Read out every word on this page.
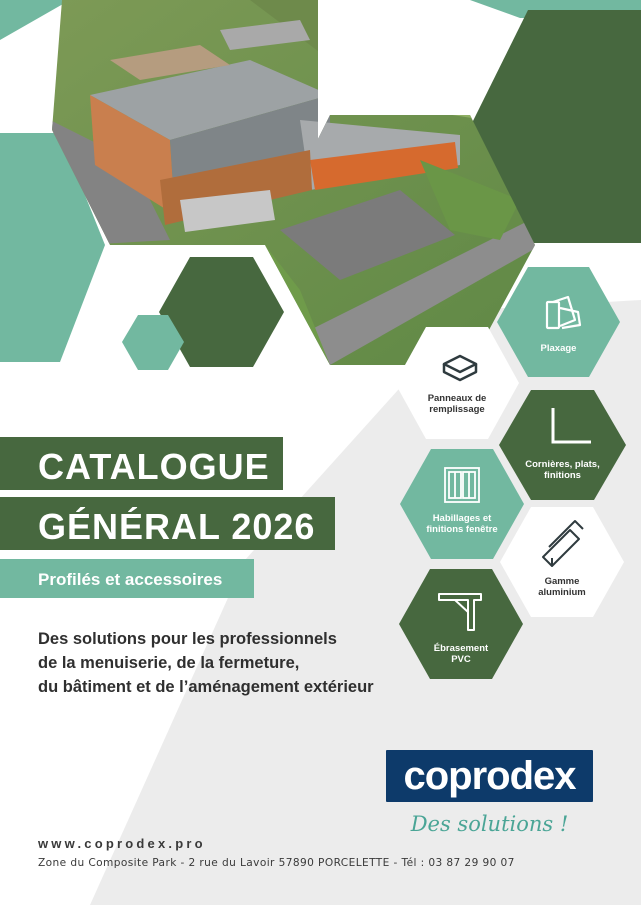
CATALOGUE
GÉNÉRAL 2026
Profilés et accessoires
Des solutions pour les professionnels
de la menuiserie, de la fermeture,
du bâtiment et de l’aménagement extérieur
Plaxage
Panneaux de
remplissage
Cornières, plats,
finitions
Habillages et
finitions fenêtre
Gamme
aluminium
Ébrasement
PVC
coprodex
Des solutions !
www.coprodex.pro
Zone du Composite Park - 2 rue du Lavoir 57890 PORCELETTE - Tél : 03 87 29 90 07
